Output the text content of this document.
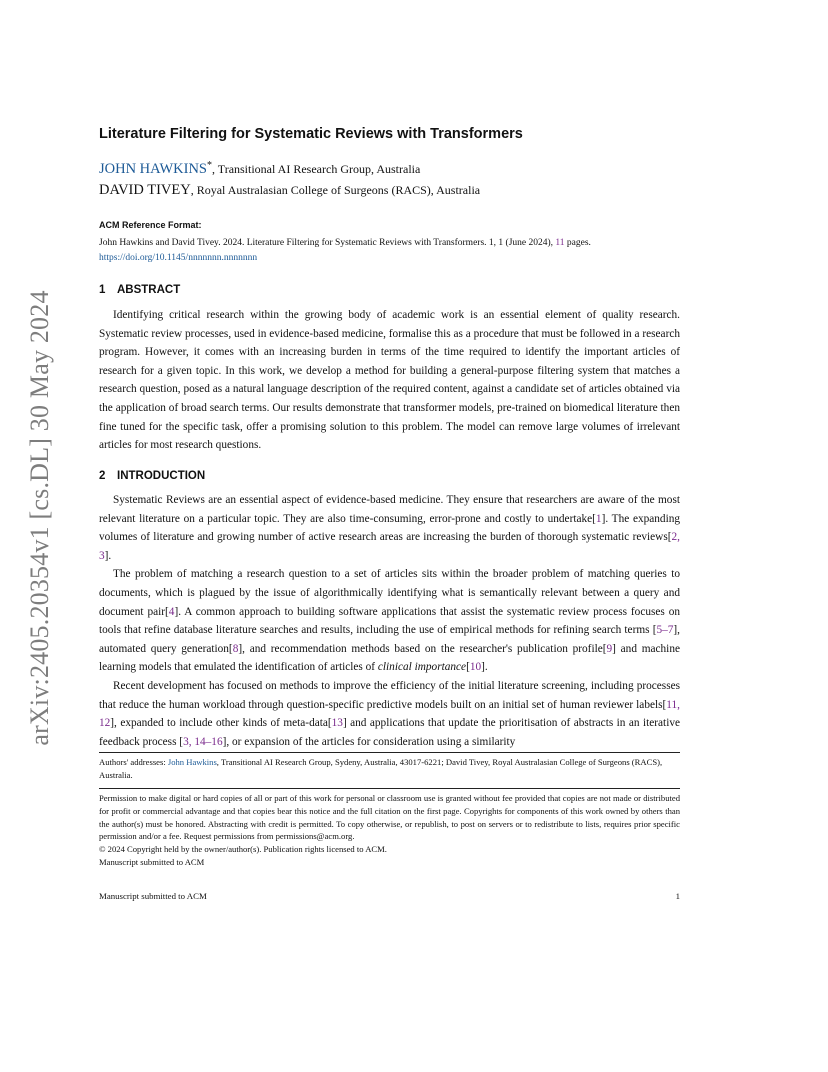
arXiv:2405.20354v1 [cs.DL] 30 May 2024
Literature Filtering for Systematic Reviews with Transformers
JOHN HAWKINS*, Transitional AI Research Group, Australia
DAVID TIVEY, Royal Australasian College of Surgeons (RACS), Australia
ACM Reference Format:
John Hawkins and David Tivey. 2024. Literature Filtering for Systematic Reviews with Transformers. 1, 1 (June 2024), 11 pages.
https://doi.org/10.1145/nnnnnnn.nnnnnnn
1 ABSTRACT

Identifying critical research within the growing body of academic work is an essential element of quality research. Systematic review processes, used in evidence-based medicine, formalise this as a procedure that must be followed in a research program. However, it comes with an increasing burden in terms of the time required to identify the important articles of research for a given topic. In this work, we develop a method for building a general-purpose filtering system that matches a research question, posed as a natural language description of the required content, against a candidate set of articles obtained via the application of broad search terms. Our results demonstrate that transformer models, pre-trained on biomedical literature then fine tuned for the specific task, offer a promising solution to this problem. The model can remove large volumes of irrelevant articles for most research questions.

2 INTRODUCTION

Systematic Reviews are an essential aspect of evidence-based medicine. They ensure that researchers are aware of the most relevant literature on a particular topic. They are also time-consuming, error-prone and costly to undertake[1]. The expanding volumes of literature and growing number of active research areas are increasing the burden of thorough systematic reviews[2, 3].

The problem of matching a research question to a set of articles sits within the broader problem of matching queries to documents, which is plagued by the issue of algorithmically identifying what is semantically relevant between a query and document pair[4]. A common approach to building software applications that assist the systematic review process focuses on tools that refine database literature searches and results, including the use of empirical methods for refining search terms [5–7], automated query generation[8], and recommendation methods based on the researcher's publication profile[9] and machine learning models that emulated the identification of articles of clinical importance[10].

Recent development has focused on methods to improve the efficiency of the initial literature screening, including processes that reduce the human workload through question-specific predictive models built on an initial set of human reviewer labels[11, 12], expanded to include other kinds of meta-data[13] and applications that update the prioritisation of abstracts in an iterative feedback process [3, 14–16], or expansion of the articles for consideration using a similarity

Authors' addresses: John Hawkins, Transitional AI Research Group, Sydeny, Australia, 43017-6221; David Tivey, Royal Australasian College of Surgeons (RACS), Australia.
Permission to make digital or hard copies of all or part of this work for personal or classroom use is granted without fee provided that copies are not made or distributed for profit or commercial advantage and that copies bear this notice and the full citation on the first page. Copyrights for components of this work owned by others than the author(s) must be honored. Abstracting with credit is permitted. To copy otherwise, or republish, to post on servers or to redistribute to lists, requires prior specific permission and/or a fee. Request permissions from permissions@acm.org.
© 2024 Copyright held by the owner/author(s). Publication rights licensed to ACM.
Manuscript submitted to ACM
Manuscript submitted to ACM	1
